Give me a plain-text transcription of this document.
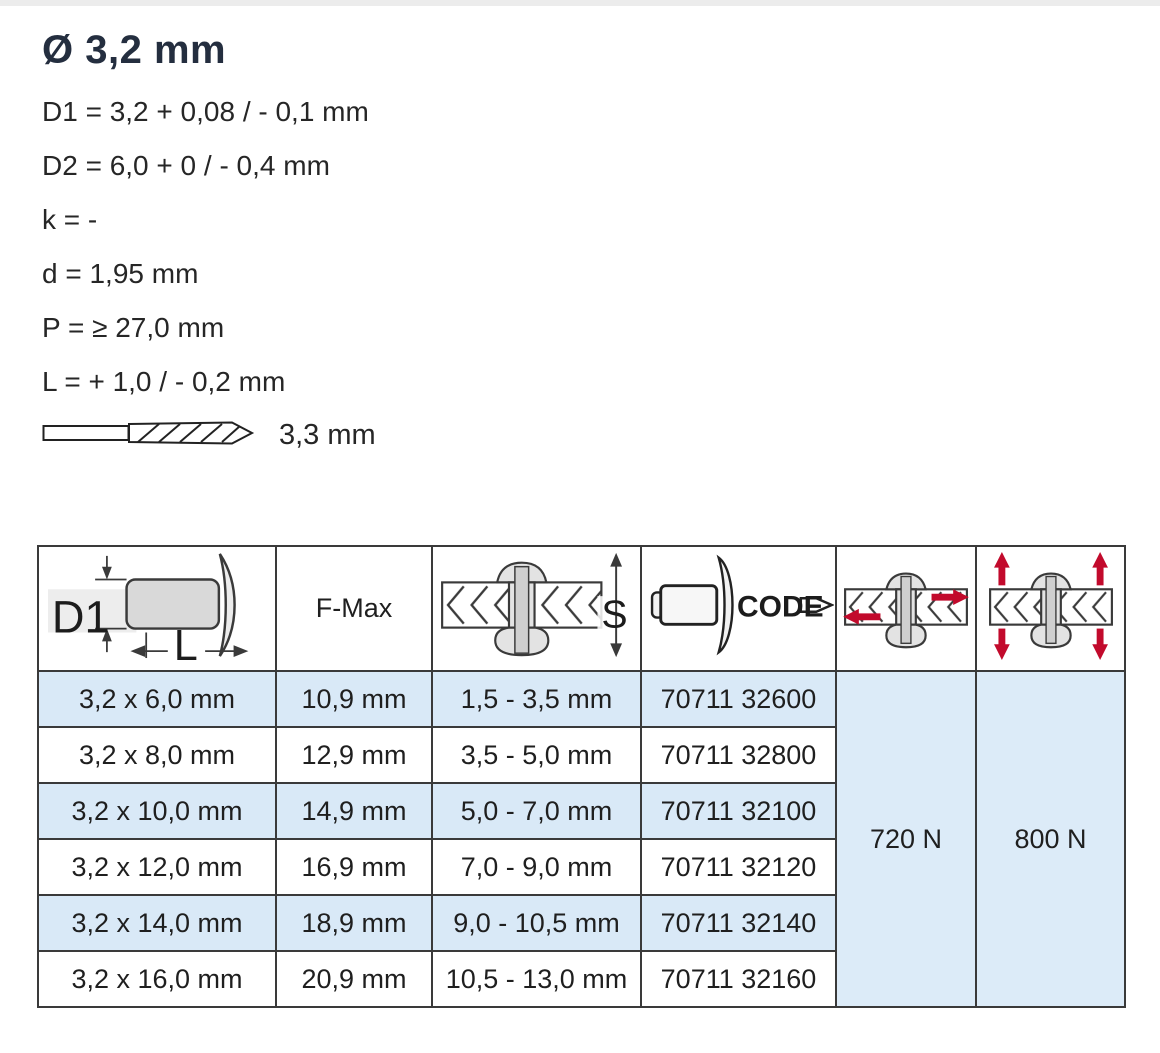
Ø 3,2 mm
D1 = 3,2 + 0,08 / - 0,1 mm
D2 = 6,0 + 0 / - 0,4 mm
k = -
d = 1,95 mm
P = ≥ 27,0 mm
L = + 1,0 / - 0,2 mm
3,3 mm
D1
L	F-Max	S	CODE

3,2 x 6,0 mm	10,9 mm	1,5 - 3,5 mm	70711 32600	720 N	800 N
3,2 x 8,0 mm	12,9 mm	3,5 - 5,0 mm	70711 32800		
3,2 x 10,0 mm	14,9 mm	5,0 - 7,0 mm	70711 32100		
3,2 x 12,0 mm	16,9 mm	7,0 - 9,0 mm	70711 32120		
3,2 x 14,0 mm	18,9 mm	9,0 - 10,5 mm	70711 32140		
3,2 x 16,0 mm	20,9 mm	10,5 - 13,0 mm	70711 32160		
